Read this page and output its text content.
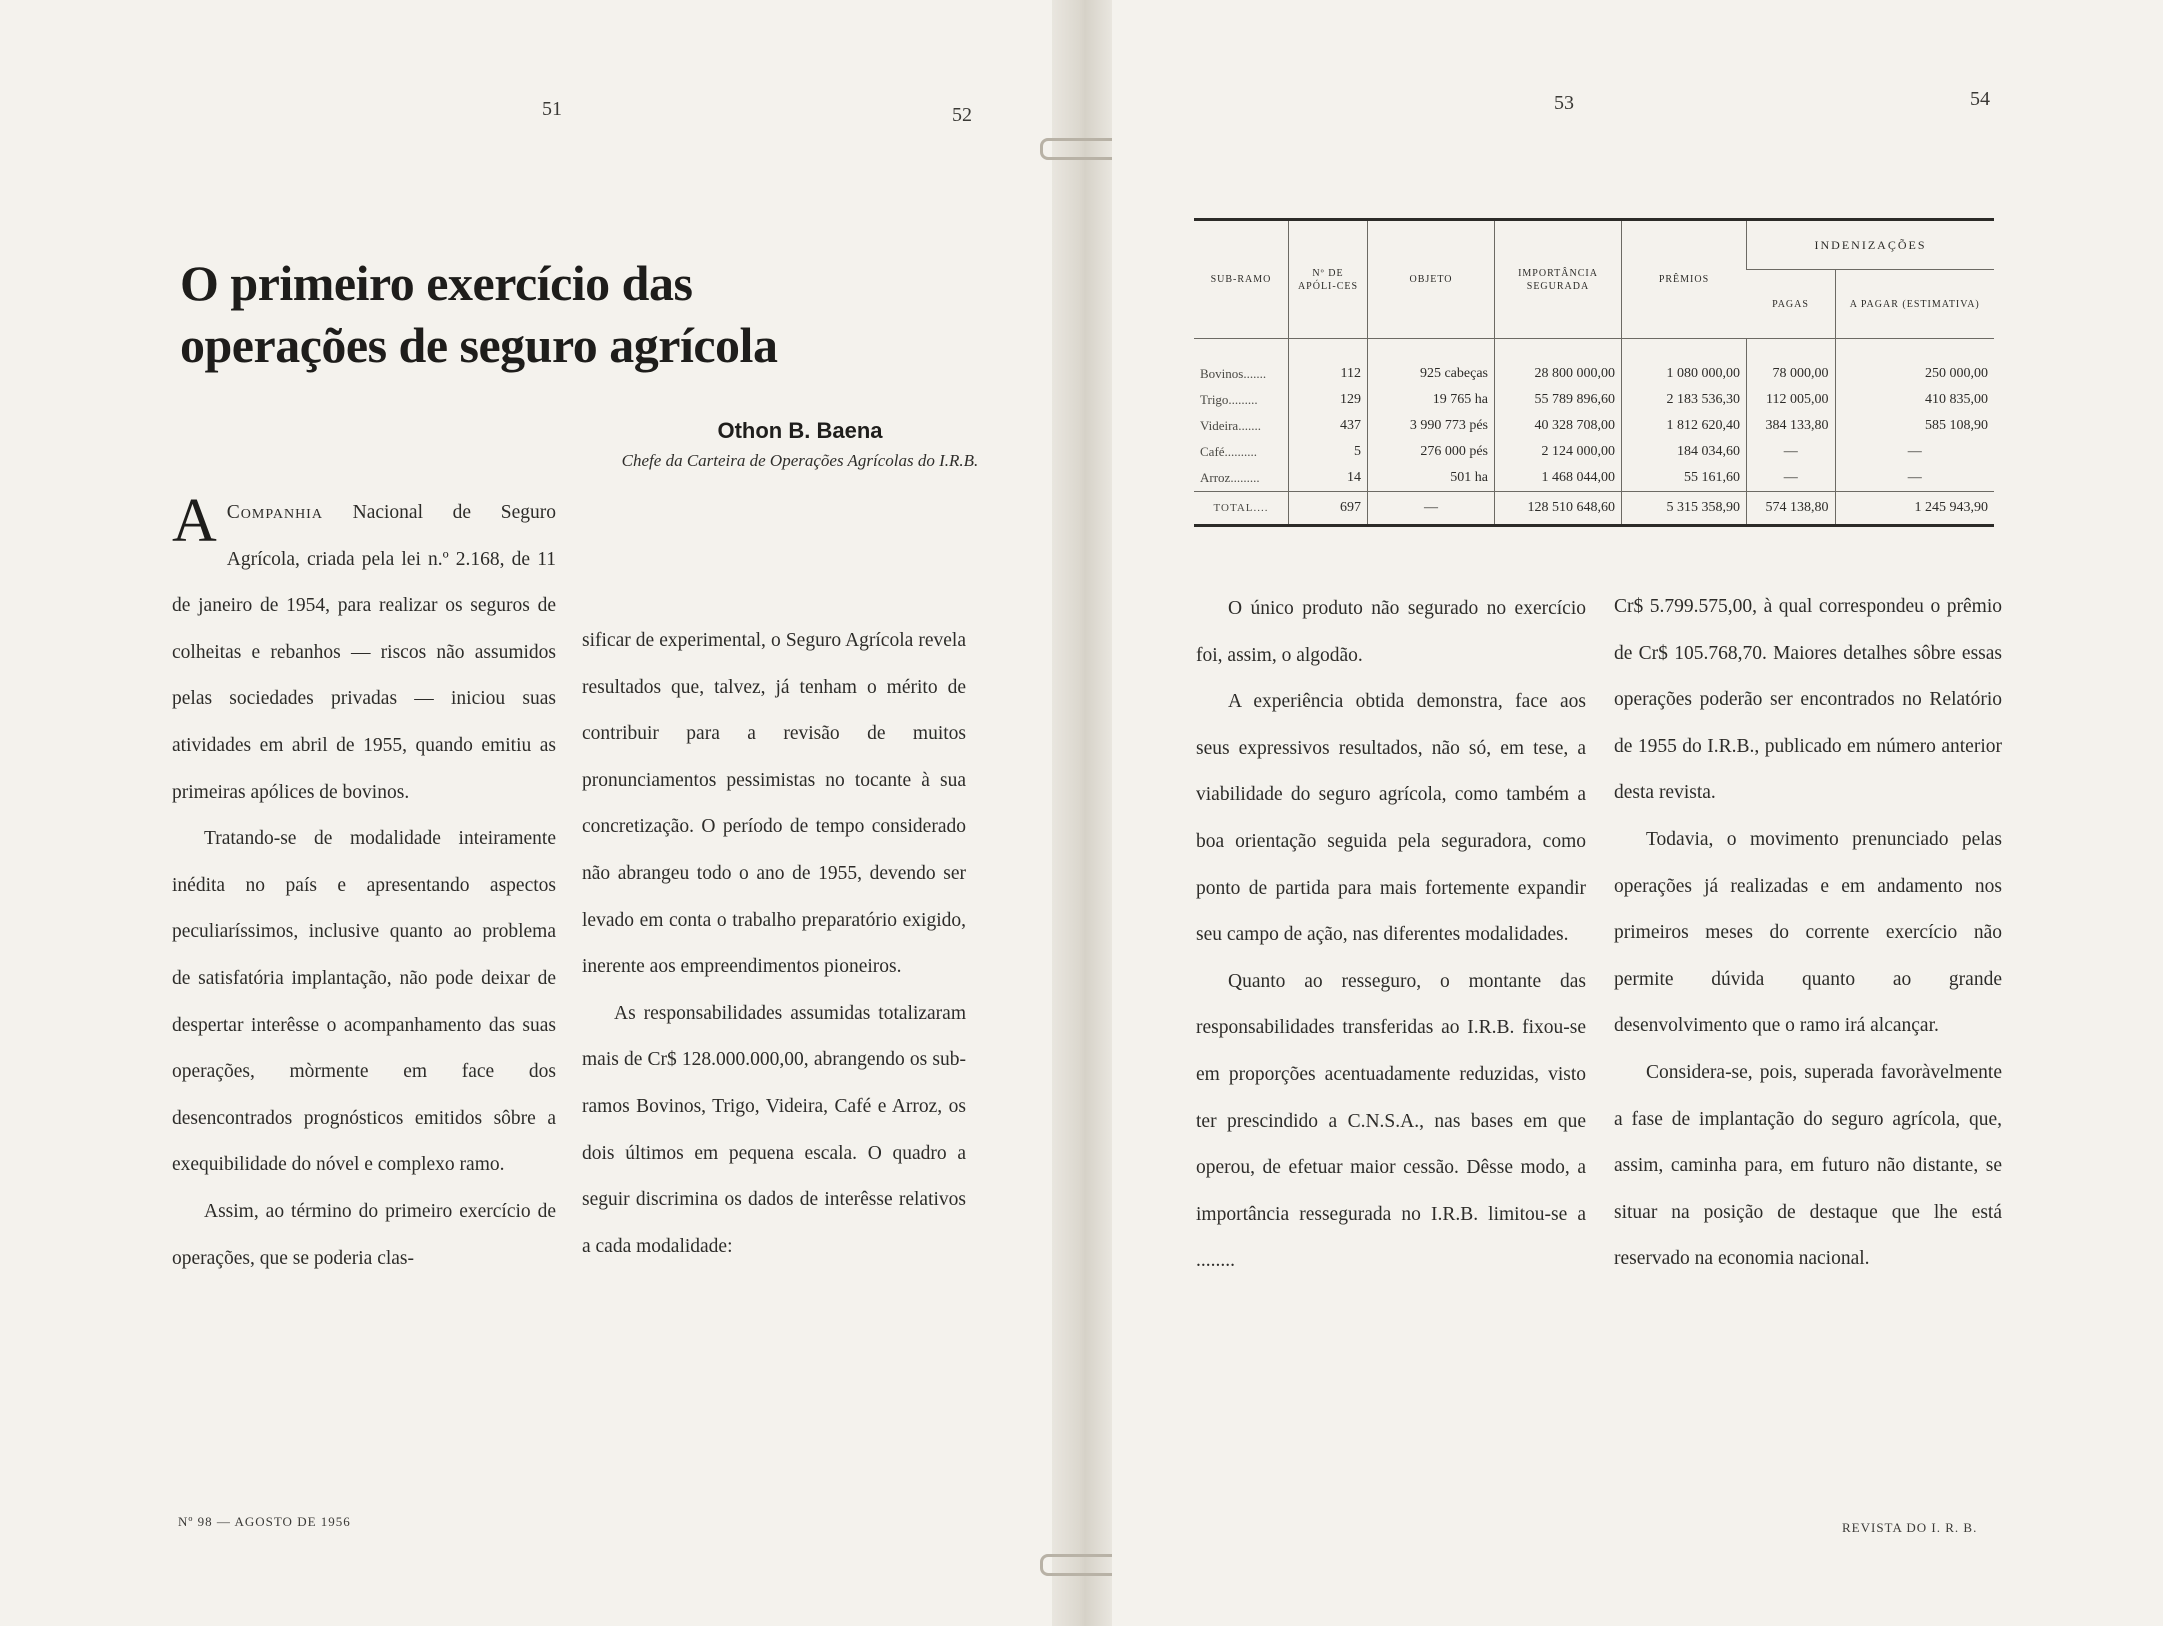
51	52
O primeiro exercício das operações de seguro agrícola
Othon B. Baena
Chefe da Carteira de Operações Agrícolas do I.R.B.

A Companhia Nacional de Seguro Agrícola, criada pela lei n.º 2.168, de 11 de janeiro de 1954, para realizar os seguros de colheitas e rebanhos — riscos não assumidos pelas sociedades privadas — iniciou suas atividades em abril de 1955, quando emitiu as primeiras apólices de bovinos.

Tratando-se de modalidade inteiramente inédita no país e apresentando aspectos peculiaríssimos, inclusive quanto ao problema de satisfatória implantação, não pode deixar de despertar interêsse o acompanhamento das suas operações, mòrmente em face dos desencontrados prognósticos emitidos sôbre a exequibilidade do nóvel e complexo ramo.

Assim, ao término do primeiro exercício de operações, que se poderia clas-

sificar de experimental, o Seguro Agrícola revela resultados que, talvez, já tenham o mérito de contribuir para a revisão de muitos pronunciamentos pessimistas no tocante à sua concretização. O período de tempo considerado não abrangeu todo o ano de 1955, devendo ser levado em conta o trabalho preparatório exigido, inerente aos empreendimentos pioneiros.

As responsabilidades assumidas totalizaram mais de Cr$ 128.000.000,00, abrangendo os sub-ramos Bovinos, Trigo, Videira, Café e Arroz, os dois últimos em pequena escala. O quadro a seguir discrimina os dados de interêsse relativos a cada modalidade:

Nº 98 — AGOSTO DE 1956
53	54
SUB-RAMO	Nº DE APÓLI-CES	OBJETO	IMPORTÂNCIA SEGURADA	PRÊMIOS	INDENIZAÇÕES	
					PAGAS	A PAGAR (ESTIMATIVA)
Bovinos.......	112	925 cabeças	28 800 000,00	1 080 000,00	78 000,00	250 000,00
Trigo.........	129	19 765 ha	55 789 896,60	2 183 536,30	112 005,00	410 835,00
Videira.......	437	3 990 773 pés	40 328 708,00	1 812 620,40	384 133,80	585 108,90
Café..........	5	276 000 pés	2 124 000,00	184 034,60	—	—
Arroz.........	14	501 ha	1 468 044,00	55 161,60	—	—
TOTAL....	697	—	128 510 648,60	5 315 358,90	574 138,80	1 245 943,90

O único produto não segurado no exercício foi, assim, o algodão.

A experiência obtida demonstra, face aos seus expressivos resultados, não só, em tese, a viabilidade do seguro agrícola, como também a boa orientação seguida pela seguradora, como ponto de partida para mais fortemente expandir seu campo de ação, nas diferentes modalidades.

Quanto ao resseguro, o montante das responsabilidades transferidas ao I.R.B. fixou-se em proporções acentuadamente reduzidas, visto ter prescindido a C.N.S.A., nas bases em que operou, de efetuar maior cessão. Dêsse modo, a importância ressegurada no I.R.B. limitou-se a ........

Cr$ 5.799.575,00, à qual correspondeu o prêmio de Cr$ 105.768,70. Maiores detalhes sôbre essas operações poderão ser encontrados no Relatório de 1955 do I.R.B., publicado em número anterior desta revista.

Todavia, o movimento prenunciado pelas operações já realizadas e em andamento nos primeiros meses do corrente exercício não permite dúvida quanto ao grande desenvolvimento que o ramo irá alcançar.

Considera-se, pois, superada favoràvelmente a fase de implantação do seguro agrícola, que, assim, caminha para, em futuro não distante, se situar na posição de destaque que lhe está reservado na economia nacional.

REVISTA DO I. R. B.
